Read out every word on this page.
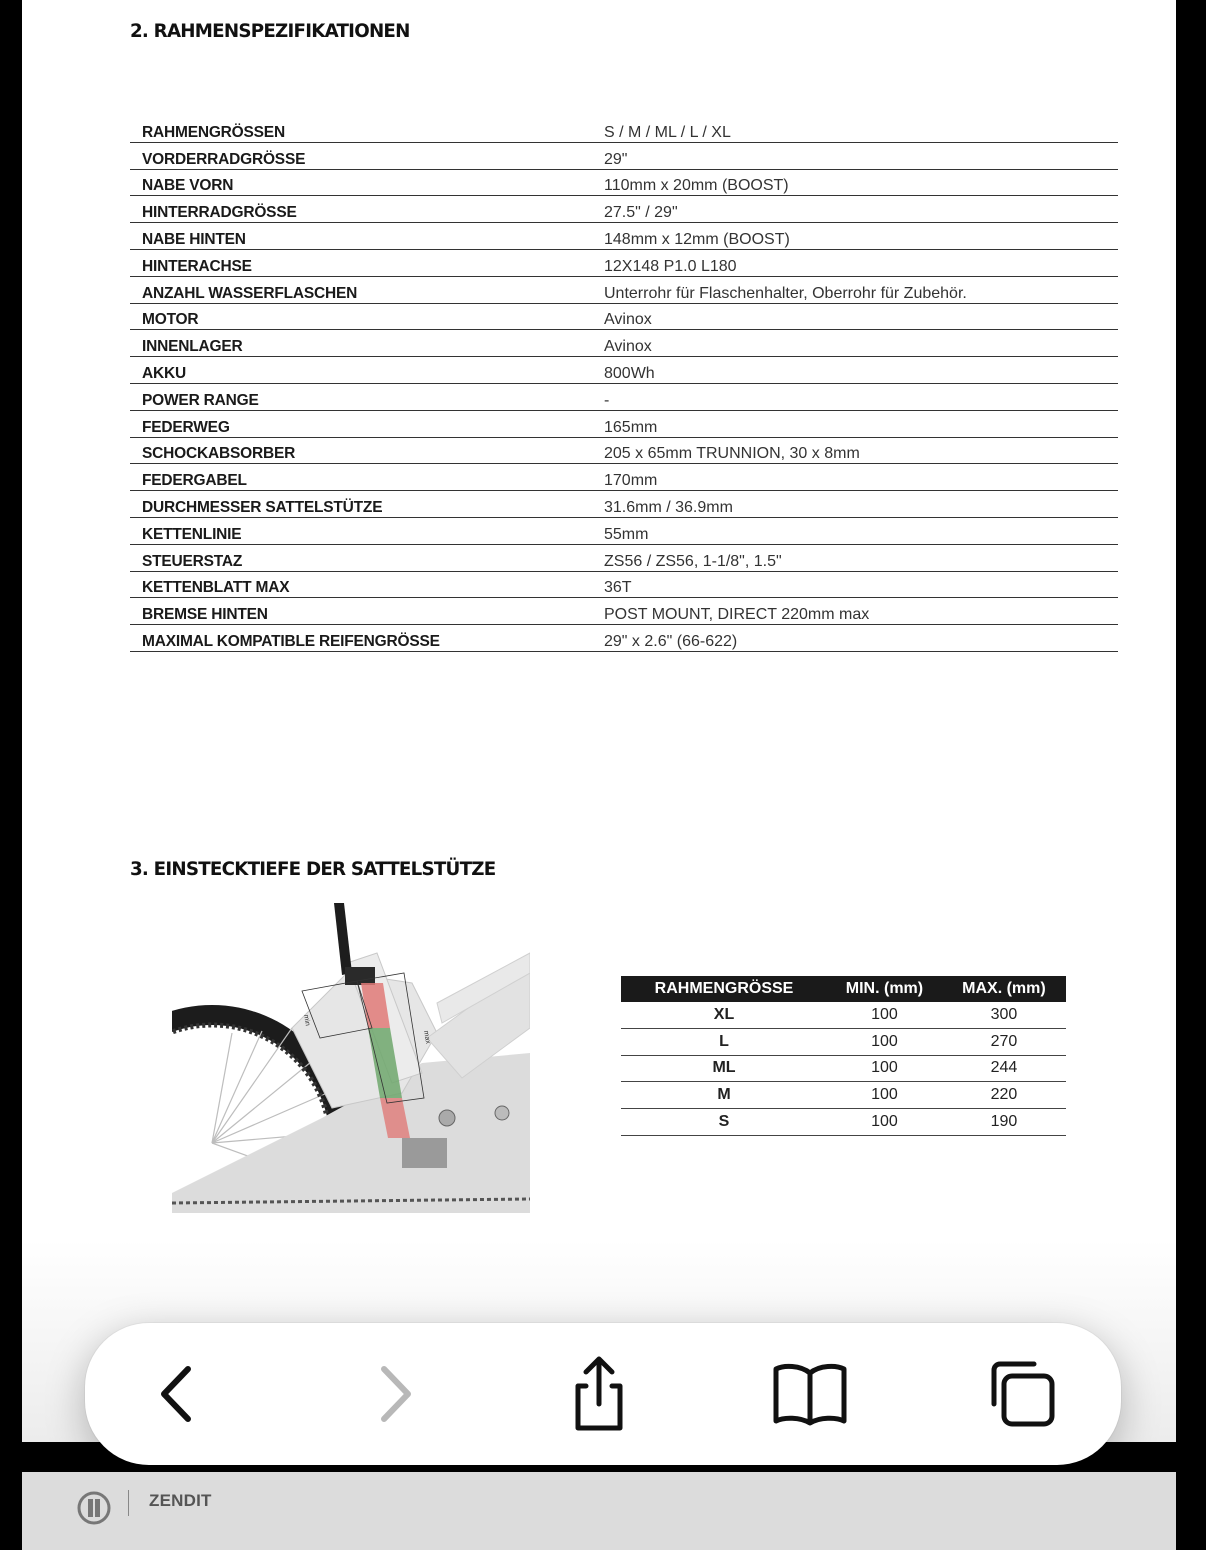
2. RAHMENSPEZIFIKATIONEN
RAHMENGRÖSSEN	S / M / ML / L / XL
VORDERRADGRÖSSE	29"
NABE VORN	110mm x 20mm (BOOST)
HINTERRADGRÖSSE	27.5" / 29"
NABE HINTEN	148mm x 12mm (BOOST)
HINTERACHSE	12X148 P1.0 L180
ANZAHL WASSERFLASCHEN	Unterrohr für Flaschenhalter, Oberrohr für Zubehör.
MOTOR	Avinox
INNENLAGER	Avinox
AKKU	800Wh
POWER RANGE	-
FEDERWEG	165mm
SCHOCKABSORBER	205 x 65mm TRUNNION, 30 x 8mm
FEDERGABEL	170mm
DURCHMESSER SATTELSTÜTZE	31.6mm / 36.9mm
KETTENLINIE	55mm
STEUERSTAZ	ZS56 / ZS56, 1-1/8", 1.5"
KETTENBLATT MAX	36T
BREMSE HINTEN	POST MOUNT, DIRECT 220mm max
MAXIMAL KOMPATIBLE REIFENGRÖSSE	29" x 2.6" (66-622)
3. EINSTECKTIEFE DER SATTELSTÜTZE
min
max
RAHMENGRÖSSE	MIN. (mm)	MAX. (mm)
XL	100	300
L	100	270
ML	100	244
M	100	220
S	100	190
ZENDIT
